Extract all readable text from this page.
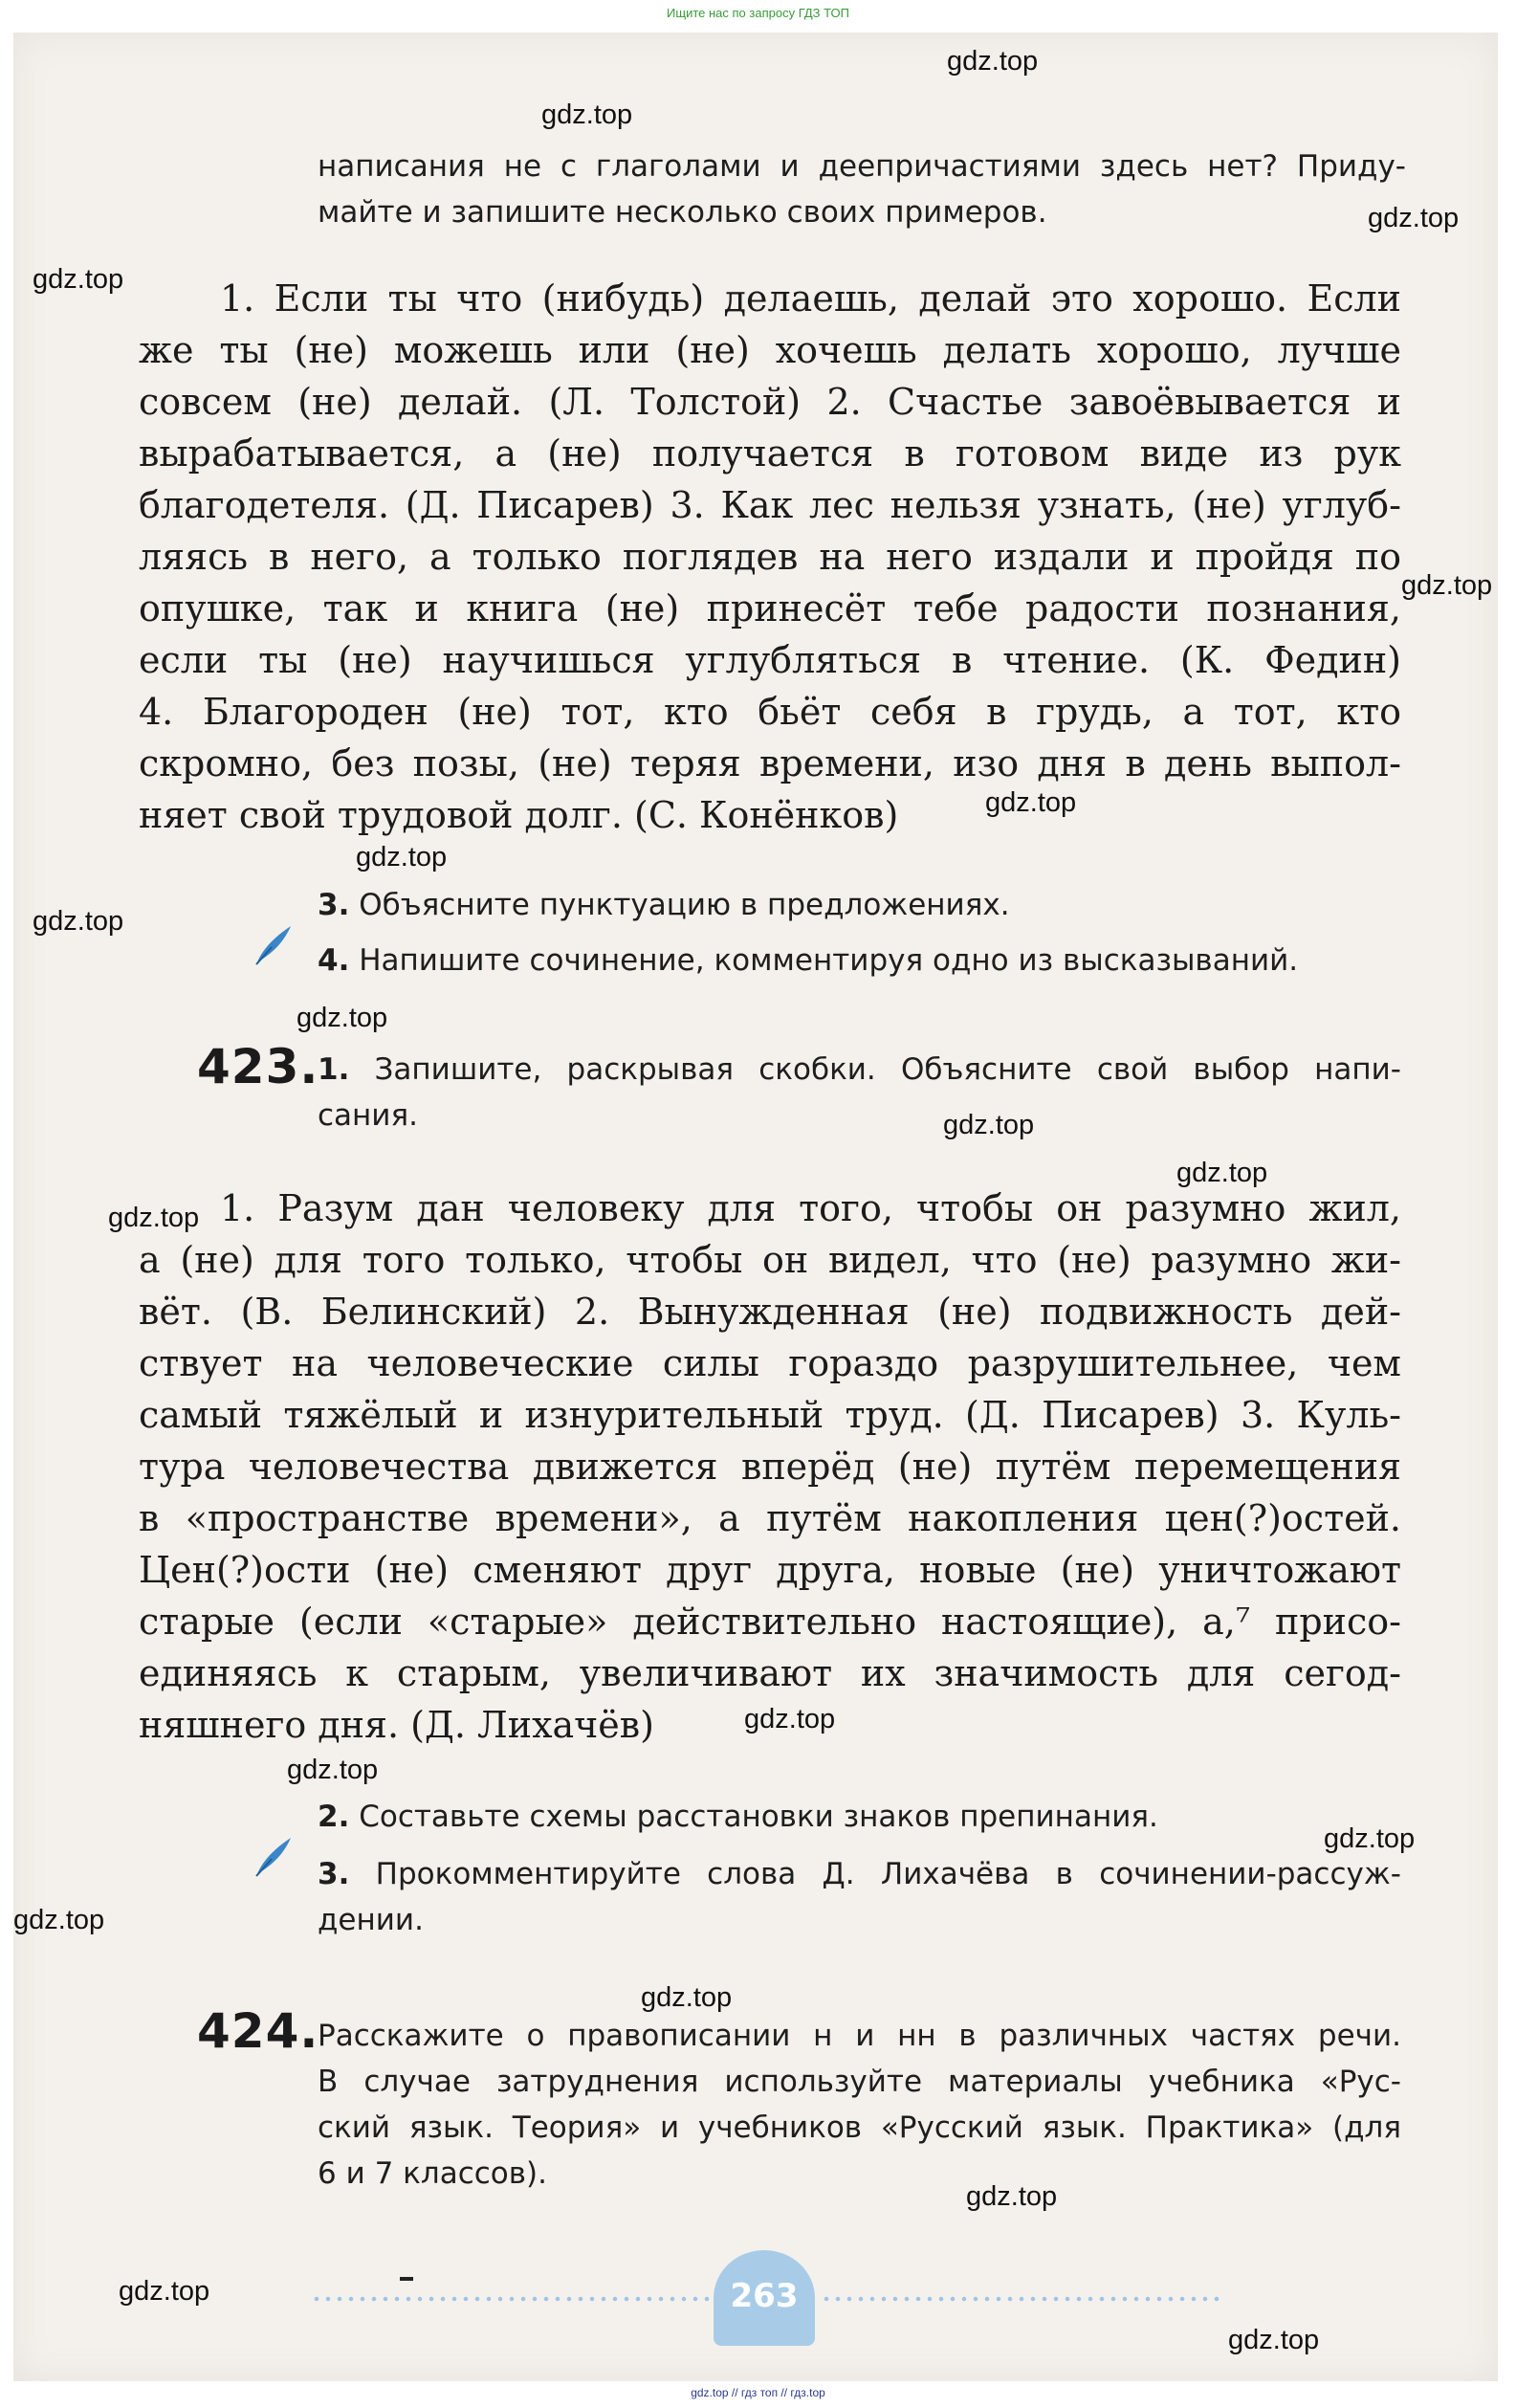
Ищите нас по запросу ГДЗ ТОП
написания не с глаголами и деепричастиями здесь нет? Приду-
майте и запишите несколько своих примеров.
1. Если ты что (нибудь) делаешь, делай это хорошо. Если
же ты (не) можешь или (не) хочешь делать хорошо, лучше
совсем (не) делай. (Л. Толстой) 2. Счастье завоёвывается и
вырабатывается, а (не) получается в готовом виде из рук
благодетеля. (Д. Писарев) 3. Как лес нельзя узнать, (не) углуб-
ляясь в него, а только поглядев на него издали и пройдя по
опушке, так и книга (не) принесёт тебе радости познания,
если ты (не) научишься углубляться в чтение. (К. Федин)
4. Благороден (не) тот, кто бьёт себя в грудь, а тот, кто
скромно, без позы, (не) теряя времени, изо дня в день выпол-
няет свой трудовой долг. (С. Конёнков)
3. Объясните пунктуацию в предложениях.
4. Напишите сочинение, комментируя одно из высказываний.
423.
1. Запишите, раскрывая скобки. Объясните свой выбор напи-
сания.
1. Разум дан человеку для того, чтобы он разумно жил,
а (не) для того только, чтобы он видел, что (не) разумно жи-
вёт. (В. Белинский) 2. Вынужденная (не) подвижность дей-
ствует на человеческие силы гораздо разрушительнее, чем
самый тяжёлый и изнурительный труд. (Д. Писарев) 3. Куль-
тура человечества движется вперёд (не) путём перемещения
в «пространстве времени», а путём накопления цен(?)остей.
Цен(?)ости (не) сменяют друг друга, новые (не) уничтожают
старые (если «старые» действительно настоящие), а,⁷ присо-
единяясь к старым, увеличивают их значимость для сегод-
няшнего дня. (Д. Лихачёв)
2. Составьте схемы расстановки знаков препинания.
3. Прокомментируйте слова Д. Лихачёва в сочинении-рассуж-
дении.
424.
Расскажите о правописании н и нн в различных частях речи.
В случае затруднения используйте материалы учебника «Рус-
ский язык. Теория» и учебников «Русский язык. Практика» (для
6 и 7 классов).
263
gdz.top
gdz.top
gdz.top
gdz.top
gdz.top
gdz.top
gdz.top
gdz.top
gdz.top
gdz.top
gdz.top
gdz.top
gdz.top
gdz.top
gdz.top
gdz.top
gdz.top
gdz.top
gdz.top
gdz.top
gdz.top // гдз топ // гдз.top
